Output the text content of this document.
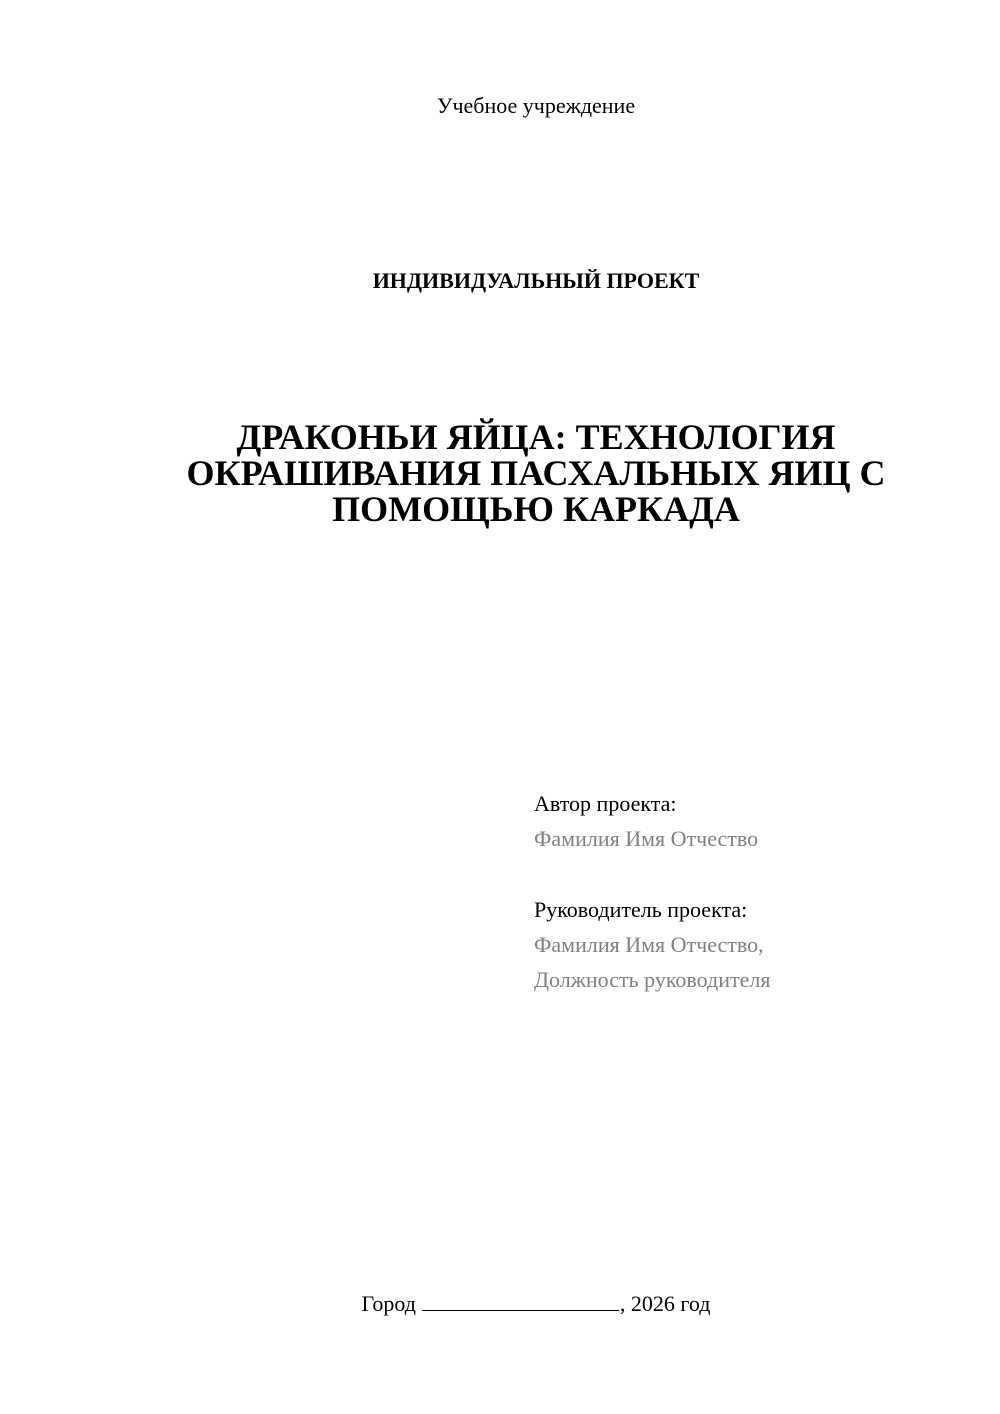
Учебное учреждение
ИНДИВИДУАЛЬНЫЙ ПРОЕКТ
ДРАКОНЬИ ЯЙЦА: ТЕХНОЛОГИЯ
ОКРАШИВАНИЯ ПАСХАЛЬНЫХ ЯИЦ С
ПОМОЩЬЮ КАРКАДА
Автор проекта:
Фамилия Имя Отчество
Руководитель проекта:
Фамилия Имя Отчество,
Должность руководителя
Город	, 2026 год
